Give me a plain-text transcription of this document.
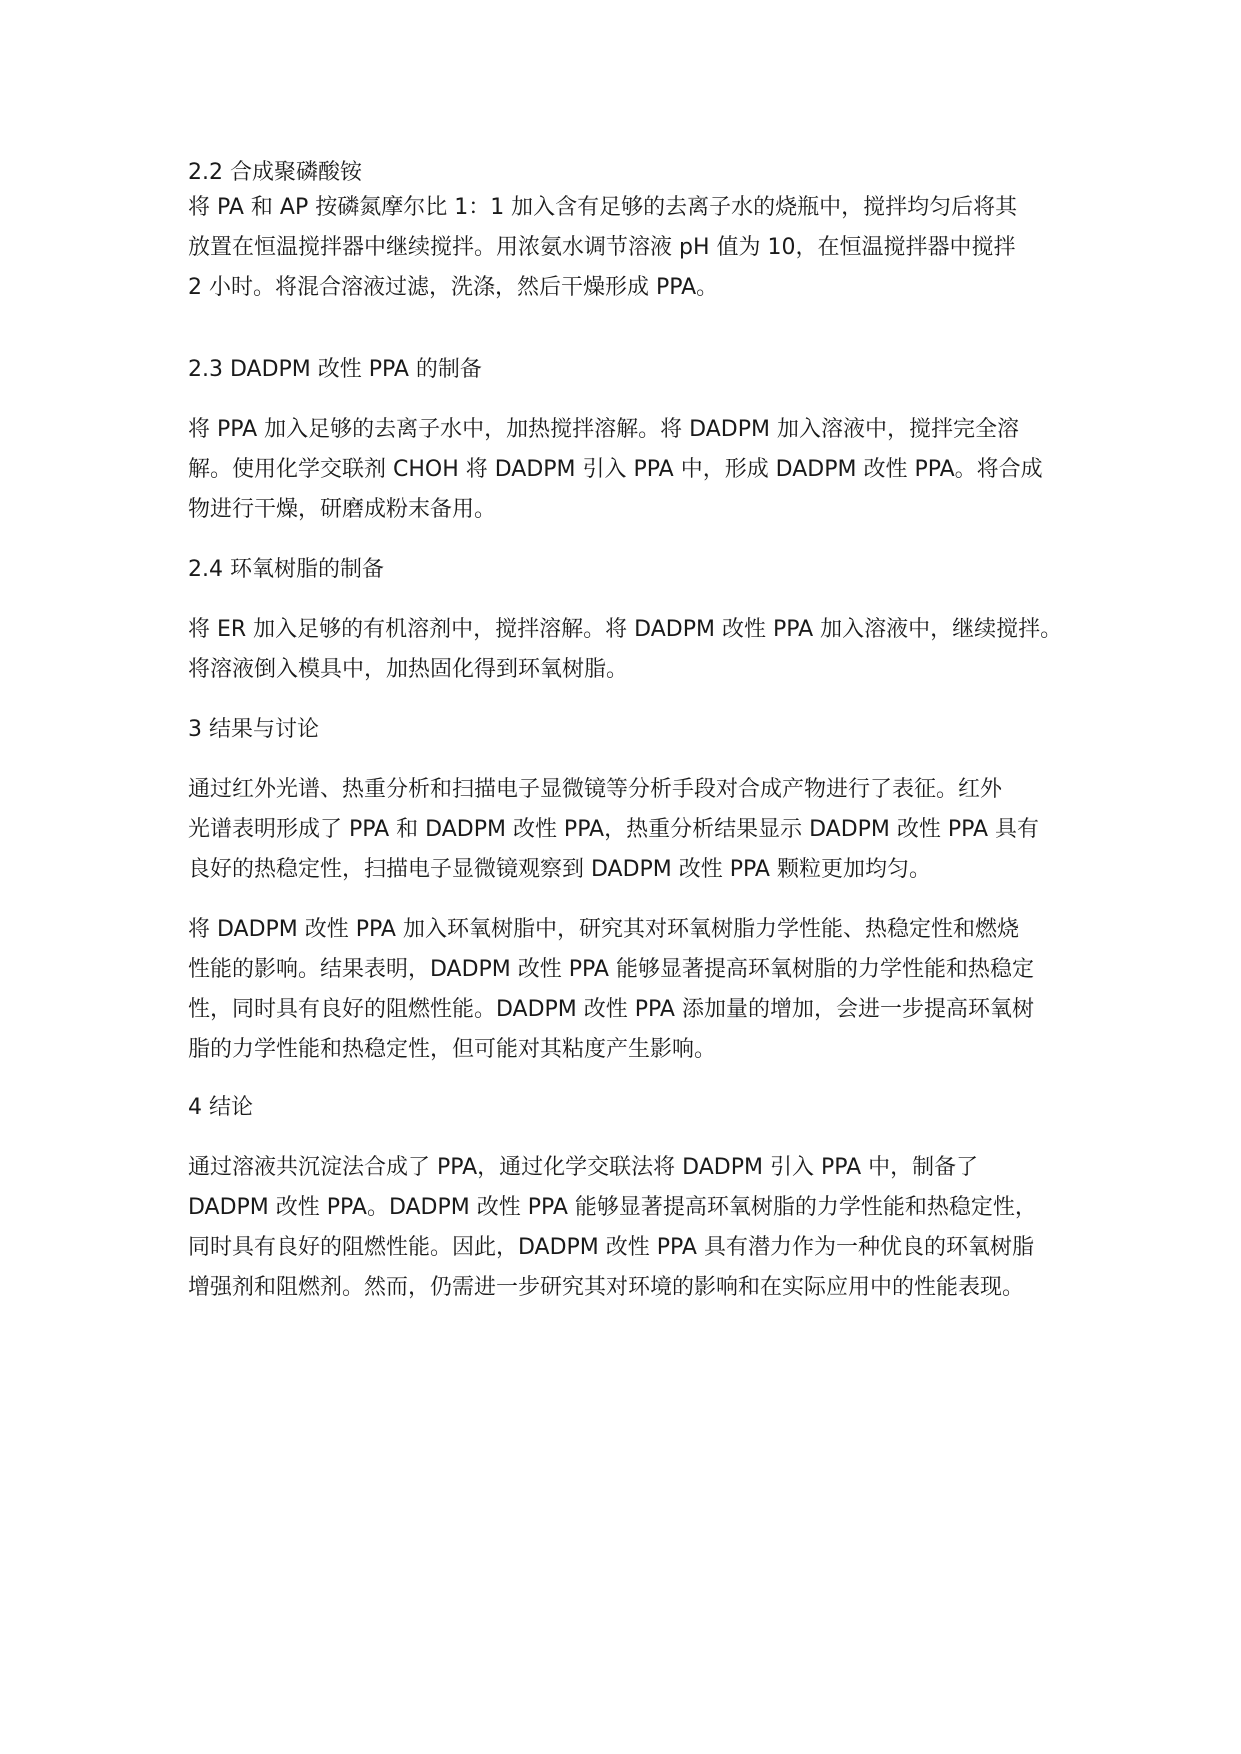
2.2 合成聚磷酸铵
将 PA 和 AP 按磷氮摩尔比 1：1 加入含有足够的去离子水的烧瓶中，搅拌均匀后将其
放置在恒温搅拌器中继续搅拌。用浓氨水调节溶液 pH 值为 10，在恒温搅拌器中搅拌
2 小时。将混合溶液过滤，洗涤，然后干燥形成 PPA。
2.3 DADPM 改性 PPA 的制备
将 PPA 加入足够的去离子水中，加热搅拌溶解。将 DADPM 加入溶液中，搅拌完全溶
解。使用化学交联剂 CHOH 将 DADPM 引入 PPA 中，形成 DADPM 改性 PPA。将合成
物进行干燥，研磨成粉末备用。
2.4 环氧树脂的制备
将 ER 加入足够的有机溶剂中，搅拌溶解。将 DADPM 改性 PPA 加入溶液中，继续搅拌。
将溶液倒入模具中，加热固化得到环氧树脂。
3 结果与讨论
通过红外光谱、热重分析和扫描电子显微镜等分析手段对合成产物进行了表征。红外
光谱表明形成了 PPA 和 DADPM 改性 PPA，热重分析结果显示 DADPM 改性 PPA 具有
良好的热稳定性，扫描电子显微镜观察到 DADPM 改性 PPA 颗粒更加均匀。
将 DADPM 改性 PPA 加入环氧树脂中，研究其对环氧树脂力学性能、热稳定性和燃烧
性能的影响。结果表明，DADPM 改性 PPA 能够显著提高环氧树脂的力学性能和热稳定
性，同时具有良好的阻燃性能。DADPM 改性 PPA 添加量的增加，会进一步提高环氧树
脂的力学性能和热稳定性，但可能对其粘度产生影响。
4 结论
通过溶液共沉淀法合成了 PPA，通过化学交联法将 DADPM 引入 PPA 中，制备了
DADPM 改性 PPA。DADPM 改性 PPA 能够显著提高环氧树脂的力学性能和热稳定性，
同时具有良好的阻燃性能。因此，DADPM 改性 PPA 具有潜力作为一种优良的环氧树脂
增强剂和阻燃剂。然而，仍需进一步研究其对环境的影响和在实际应用中的性能表现。
